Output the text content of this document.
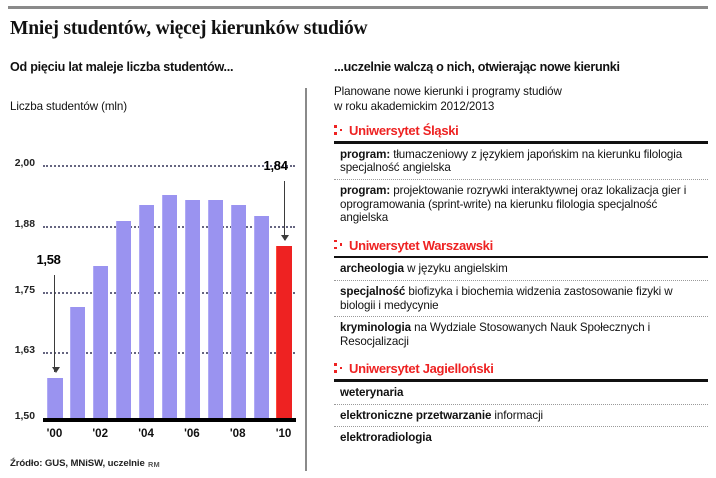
Mniej studentów, więcej kierunków studiów
Od pięciu lat maleje liczba studentów...
Liczba studentów (mln)
1,50
1,63
1,75
1,88
2,00
'00	'02	'04	'06	'08	'10
1,58
1,84
Źródło: GUS, MNiSW, uczelnie RM
...uczelnie walczą o nich, otwierając nowe kierunki
Planowane nowe kierunki i programy studiów
w roku akademickim 2012/2013
Uniwersytet Śląski
program: tłumaczeniowy z językiem japońskim na kierunku filologia specjalność angielska
program: projektowanie rozrywki interaktywnej oraz lokalizacja gier i oprogramowania (sprint-write) na kierunku filologia specjalność angielska
Uniwersytet Warszawski
archeologia w języku angielskim
specjalność biofizyka i biochemia widzenia zastosowanie fizyki w biologii i medycynie
kryminologia na Wydziale Stosowanych Nauk Społecznych i Resocjalizacji
Uniwersytet Jagielloński
weterynaria
elektroniczne przetwarzanie informacji
elektroradiologia
